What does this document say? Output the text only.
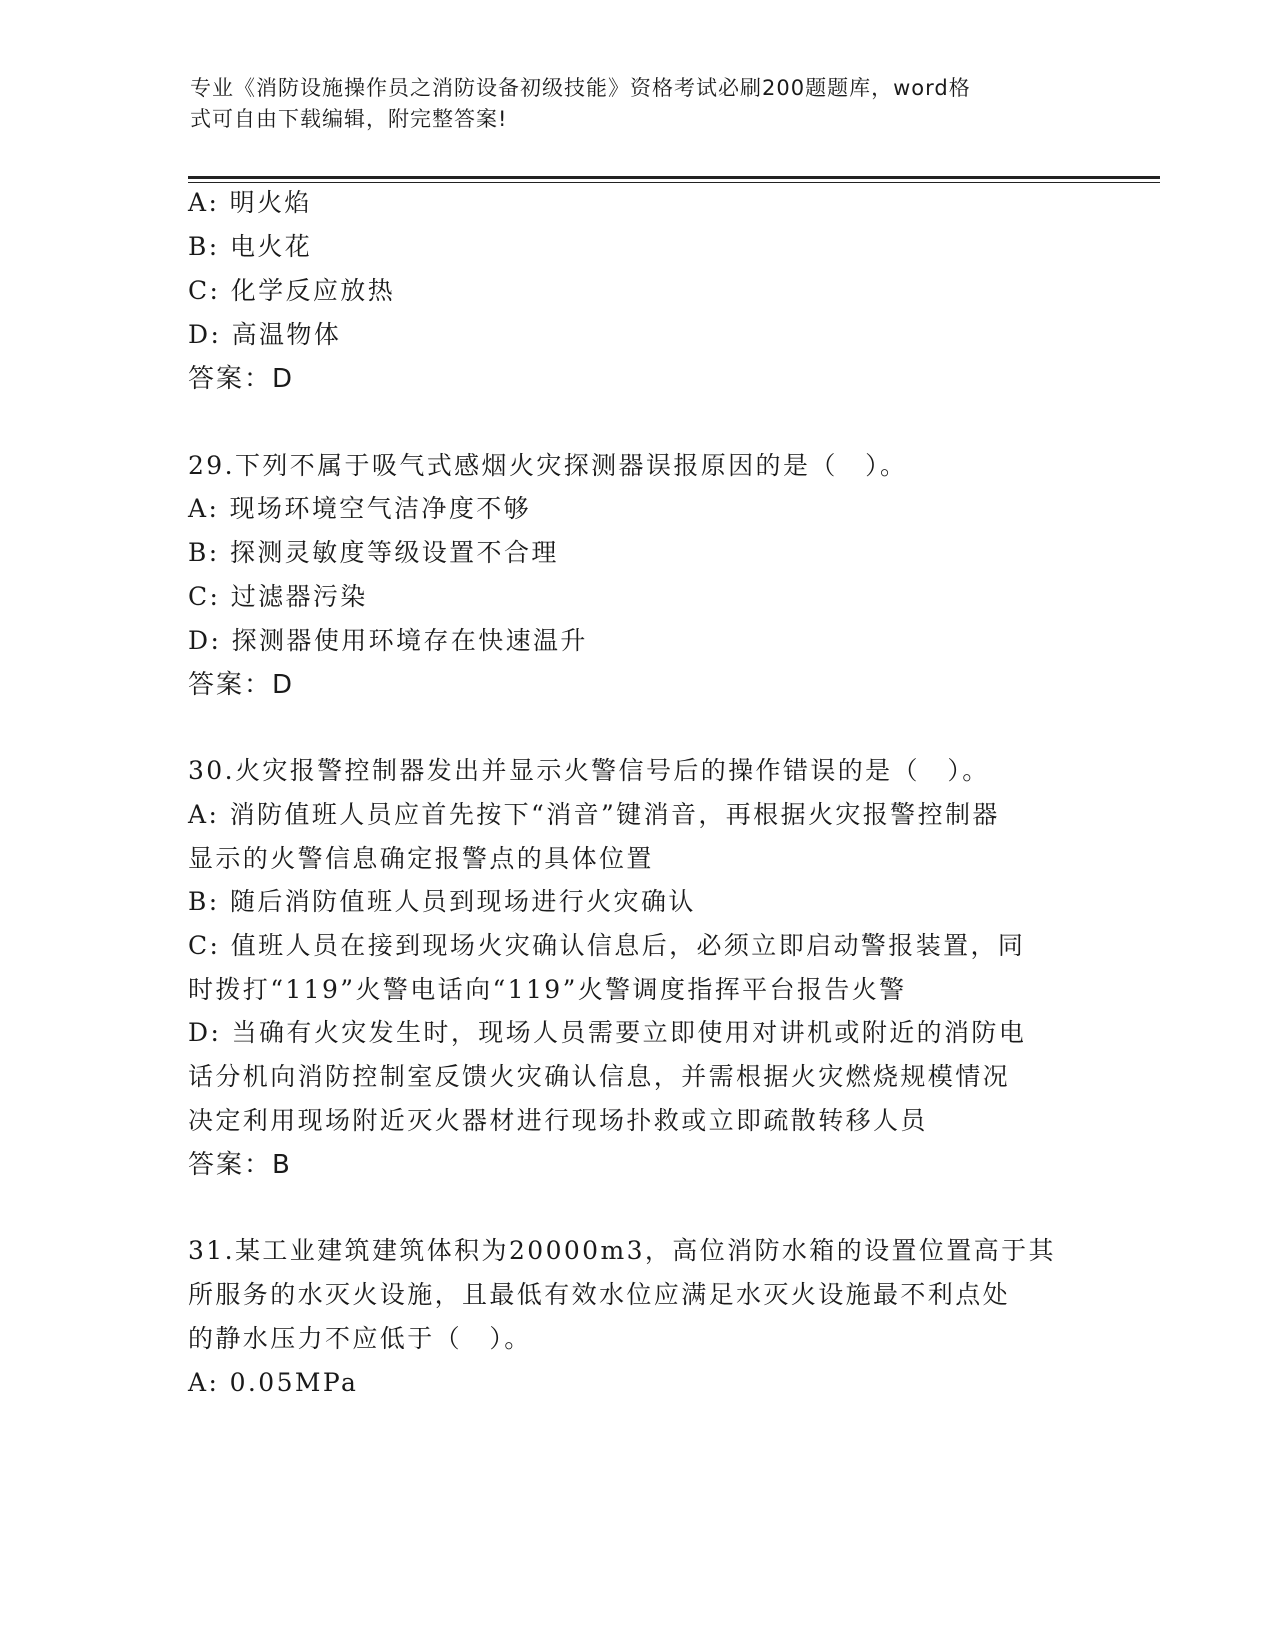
专业《消防设施操作员之消防设备初级技能》资格考试必刷200题题库，word格
式可自由下载编辑，附完整答案!
A: 明火焰
B: 电火花
C: 化学反应放热
D: 高温物体
答案：D
29.下列不属于吸气式感烟火灾探测器误报原因的是（　）。
A: 现场环境空气洁净度不够
B: 探测灵敏度等级设置不合理
C: 过滤器污染
D: 探测器使用环境存在快速温升
答案：D
30.火灾报警控制器发出并显示火警信号后的操作错误的是（　）。
A: 消防值班人员应首先按下“消音”键消音，再根据火灾报警控制器
显示的火警信息确定报警点的具体位置
B: 随后消防值班人员到现场进行火灾确认
C: 值班人员在接到现场火灾确认信息后，必须立即启动警报装置，同
时拨打“119”火警电话向“119”火警调度指挥平台报告火警
D: 当确有火灾发生时，现场人员需要立即使用对讲机或附近的消防电
话分机向消防控制室反馈火灾确认信息，并需根据火灾燃烧规模情况
决定利用现场附近灭火器材进行现场扑救或立即疏散转移人员
答案：B
31.某工业建筑建筑体积为20000m3，高位消防水箱的设置位置高于其
所服务的水灭火设施，且最低有效水位应满足水灭火设施最不利点处
的静水压力不应低于（　）。
A: 0.05MPa
